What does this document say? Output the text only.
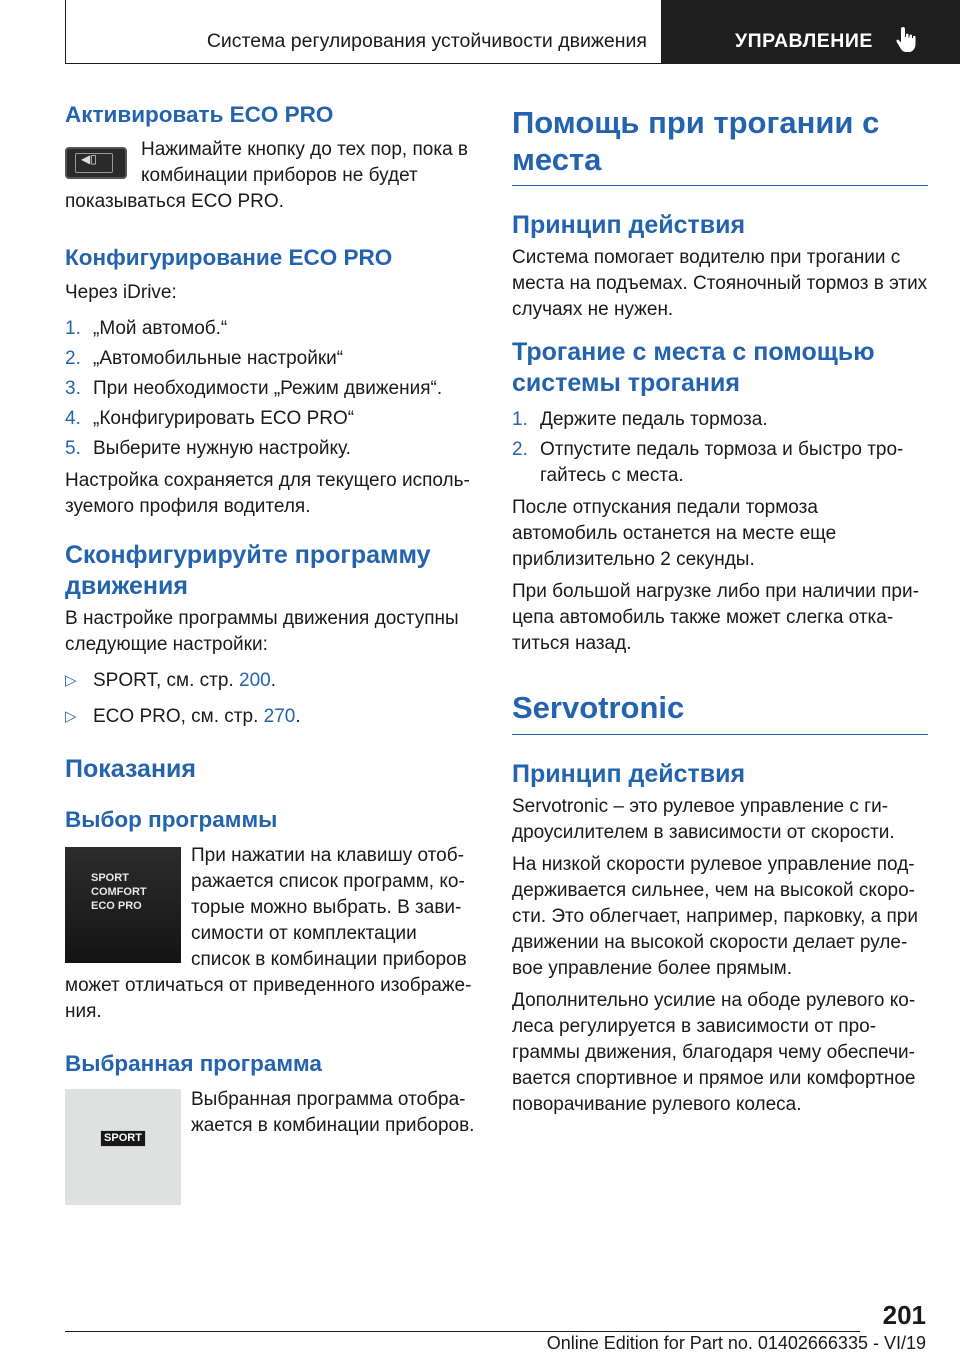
Система регулирования устойчивости движения	УПРАВЛЕНИЕ
Активировать ECO PRO
◀▯	Нажимайте кнопку до тех пор, пока в комбинации приборов не будет показываться ECO PRO.

Конфигурирование ECO PRO

Через iDrive:

1. „Мой автомоб.“
2. „Автомобильные настройки“
3. При необходимости „Режим движения“.
4. „Конфигурировать ECO PRO“
5. Выберите нужную настройку.

Настройка сохраняется для текущего используемого профиля водителя.

Сконфигурируйте программу движения

В настройке программы движения доступны следующие настройки:

▷ SPORT, см. стр. 200.
▷ ECO PRO, см. стр. 270.
Показания
Выбор программы
SPORT
COMFORT
ECO PRO

При нажатии на клавишу отображается список программ, которые можно выбрать. В зависимости от комплектации список в комбинации приборов может отличаться от приведенного изображения.

Выбранная программа
SPORT

Выбранная программа отображается в комбинации приборов.

Помощь при трогании с места
Принцип действия

Система помогает водителю при трогании с места на подъемах. Стояночный тормоз в этих случаях не нужен.

Трогание с места с помощью системы трогания
1. Держите педаль тормоза.
2. Отпустите педаль тормоза и быстро трогайтесь с места.

После отпускания педали тормоза автомобиль останется на месте еще приблизительно 2 секунды.

При большой нагрузке либо при наличии прицепа автомобиль также может слегка откатиться назад.

Servotronic
Принцип действия

Servotronic – это рулевое управление с гидроусилителем в зависимости от скорости.

На низкой скорости рулевое управление поддерживается сильнее, чем на высокой скорости. Это облегчает, например, парковку, а при движении на высокой скорости делает рулевое управление более прямым.

Дополнительно усилие на ободе рулевого колеса регулируется в зависимости от программы движения, благодаря чему обеспечивается спортивное и прямое или комфортное поворачивание рулевого колеса.

201
Online Edition for Part no. 01402666335 - VI/19
